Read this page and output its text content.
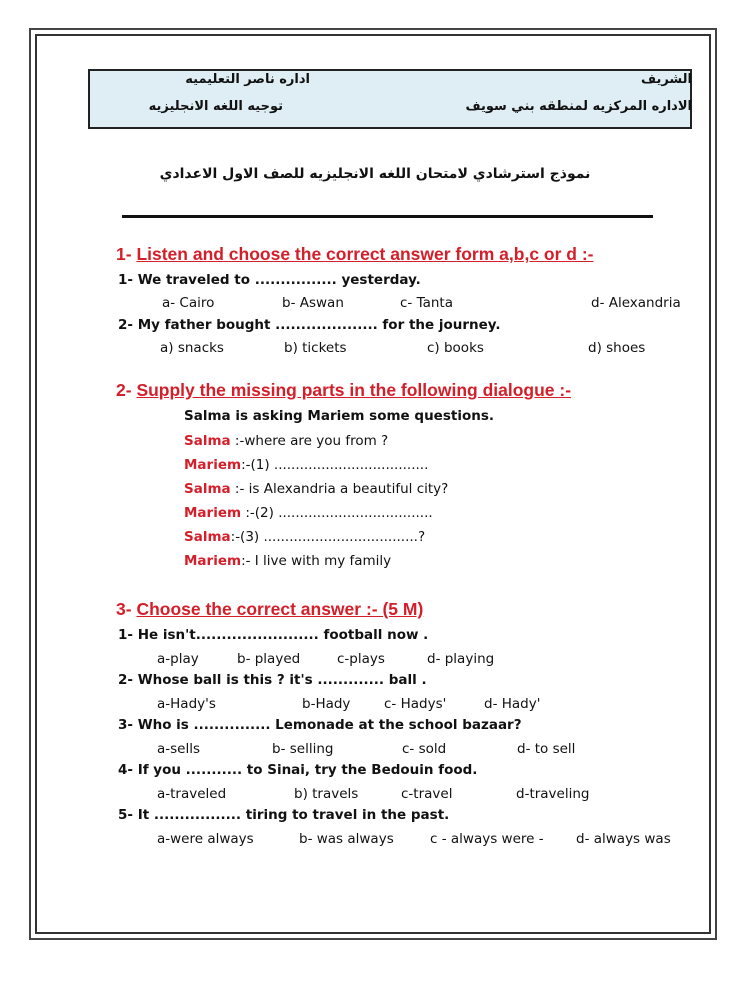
الشريف
اداره ناصر التعليميه
الاداره المركزيه لمنطقه بني سويف
توجيه اللغه الانجليزيه
نموذج استرشادي لامتحان اللغه الانجليزيه للصف الاول الاعدادي
1- Listen and choose the correct answer form a,b,c or d :-
1- We traveled to ................ yesterday.
a- Cairo	b- Aswan	c- Tanta	d- Alexandria
2- My father bought .................... for the journey.
a) snacks	b) tickets	c) books	d) shoes
2- Supply the missing parts in the following dialogue :-
Salma is asking Mariem some questions.
Salma :-where are you from ?
Mariem:-(1) ....................................
Salma :- is Alexandria a beautiful city?
Mariem :-(2) ....................................
Salma:-(3) ....................................?
Mariem:- I live with my family
3- Choose the correct answer :- (5 M)
1- He isn't........................ football now .
a-play	b- played	c-plays	d- playing
2- Whose ball is this ? it's ............. ball .
a-Hady's	b-Hady c- Hadys'	d- Hady'
3- Who is ............... Lemonade at the school bazaar?
a-sells	b- selling	c- sold	d- to sell
4- If you ........... to Sinai, try the Bedouin food.
a-traveled	b) travels	c-travel	d-traveling
5- It ................. tiring to travel in the past.
a-were always	b- was always	c - always were - d- always was
